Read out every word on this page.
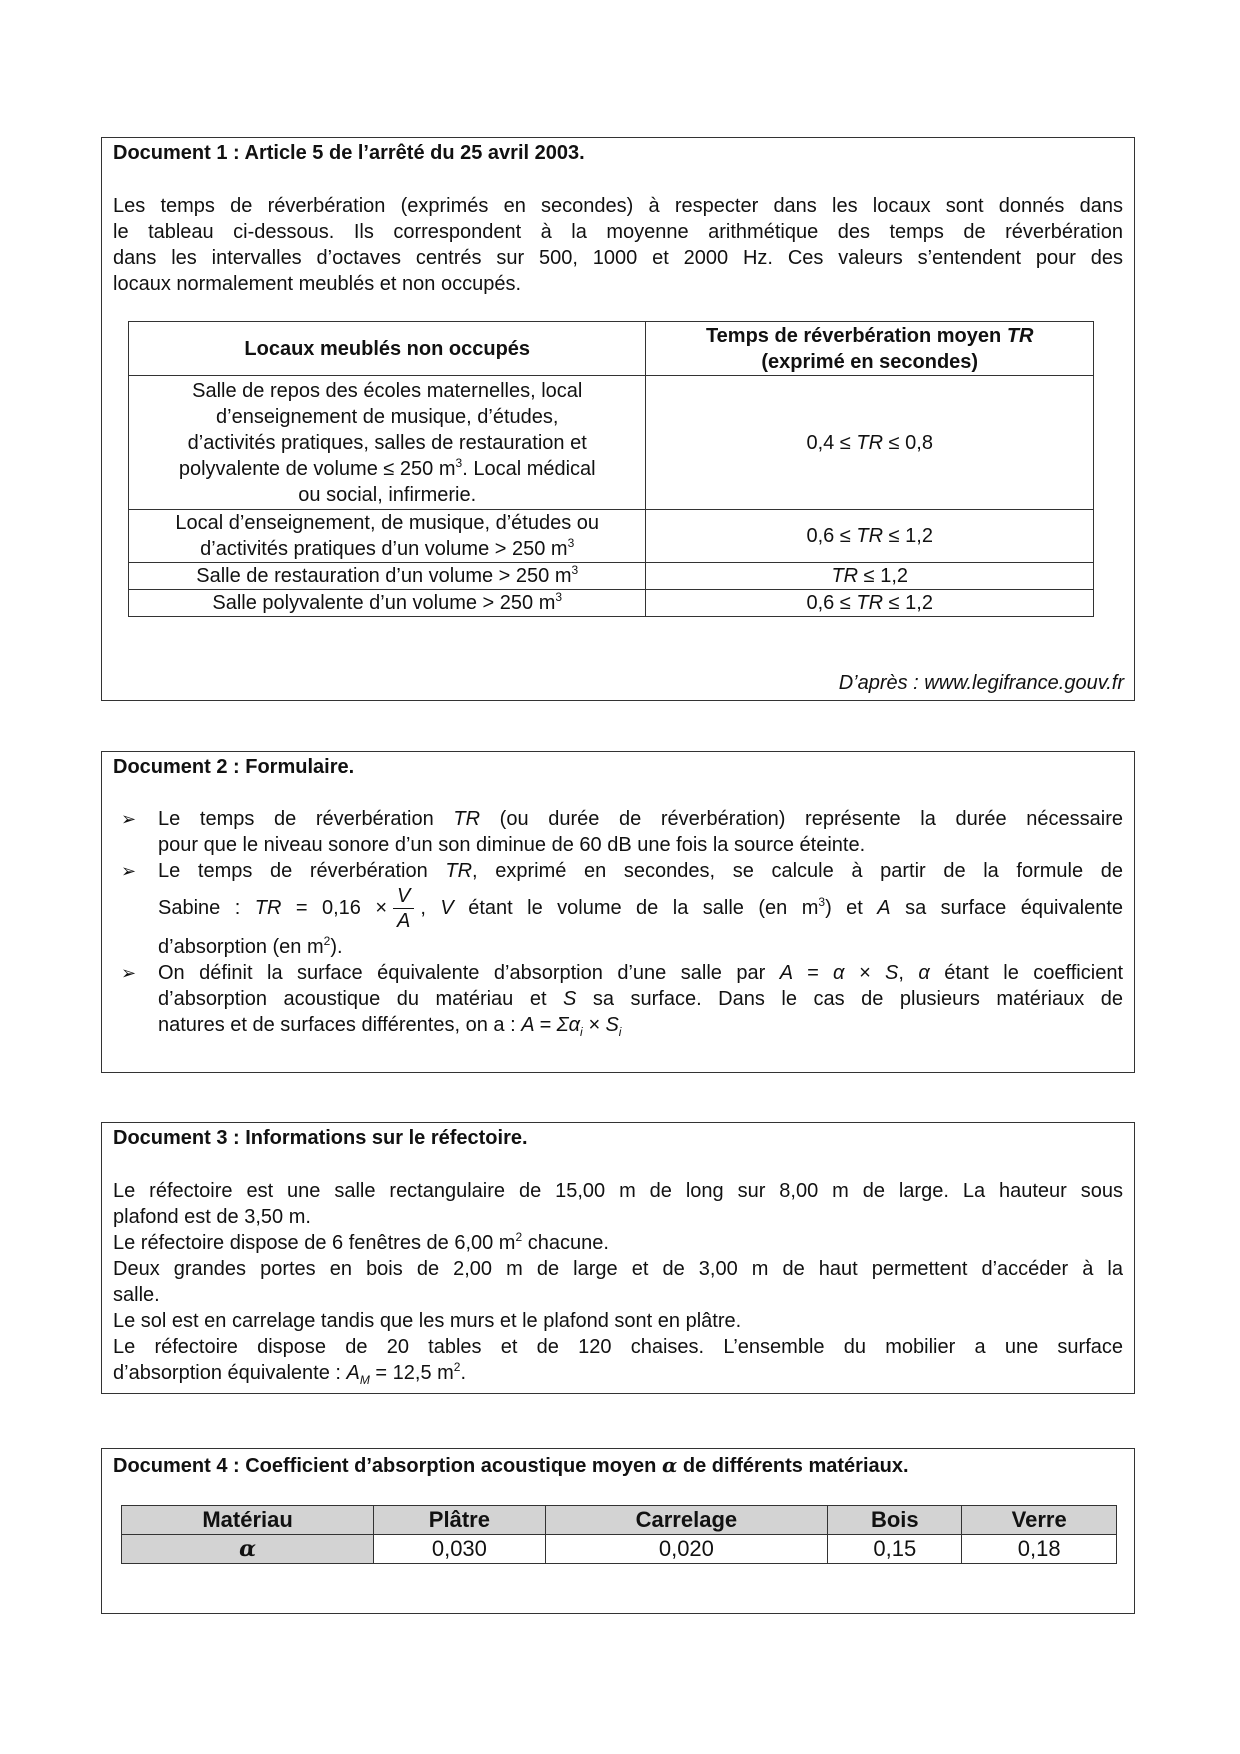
Document 1 : Article 5 de l’arrêté du 25 avril 2003.
Les temps de réverbération (exprimés en secondes) à respecter dans les locaux sont donnés dans
le tableau ci-dessous. Ils correspondent à la moyenne arithmétique des temps de réverbération
dans les intervalles d’octaves centrés sur 500, 1000 et 2000 Hz. Ces valeurs s’entendent pour des
locaux normalement meublés et non occupés.
Locaux meublés non occupés	Temps de réverbération moyen TR
(exprimé en secondes)
Salle de repos des écoles maternelles, local
d’enseignement de musique, d’études,
d’activités pratiques, salles de restauration et
polyvalente de volume ≤ 250 $m^3$. Local médical
ou social, infirmerie.	0,4 ≤ TR ≤ 0,8
Local d’enseignement, de musique, d’études ou
d’activités pratiques d’un volume > 250 $m^3$	0,6 ≤ TR ≤ 1,2
Salle de restauration d’un volume > 250 $m^3$	TR ≤ 1,2
Salle polyvalente d’un volume > 250 $m^3$	0,6 ≤ TR ≤ 1,2
D’après : www.legifrance.gouv.fr
Document 2 : Formulaire.
➢ Le temps de réverbération TR (ou durée de réverbération) représente la durée nécessaire
pour que le niveau sonore d’un son diminue de 60 dB une fois la source éteinte.
➢ Le temps de réverbération TR, exprimé en secondes, se calcule à partir de la formule de
Sabine : TR = $0,16 \times \frac{V}{A}$ , V étant le volume de la salle (en $m^3$) et A sa surface équivalente
d’absorption (en $m^2$).
➢ On définit la surface équivalente d’absorption d’une salle par A = α × S, α étant le coefficient
d’absorption acoustique du matériau et S sa surface. Dans le cas de plusieurs matériaux de
natures et de surfaces différentes, on a : $A = \Sigma\alpha_i \times S_i$
Document 3 : Informations sur le réfectoire.
Le réfectoire est une salle rectangulaire de 15,00 m de long sur 8,00 m de large. La hauteur sous
plafond est de 3,50 m.
Le réfectoire dispose de 6 fenêtres de 6,00 $m^2$ chacune.
Deux grandes portes en bois de 2,00 m de large et de 3,00 m de haut permettent d’accéder à la
salle.
Le sol est en carrelage tandis que les murs et le plafond sont en plâtre.
Le réfectoire dispose de 20 tables et de 120 chaises. L’ensemble du mobilier a une surface
d’absorption équivalente : $A_M = 12,5$ $m^2$.
Document 4 : Coefficient d’absorption acoustique moyen α de différents matériaux.
Matériau	Plâtre	Carrelage	Bois	Verre
α	0,030	0,020	0,15	0,18
